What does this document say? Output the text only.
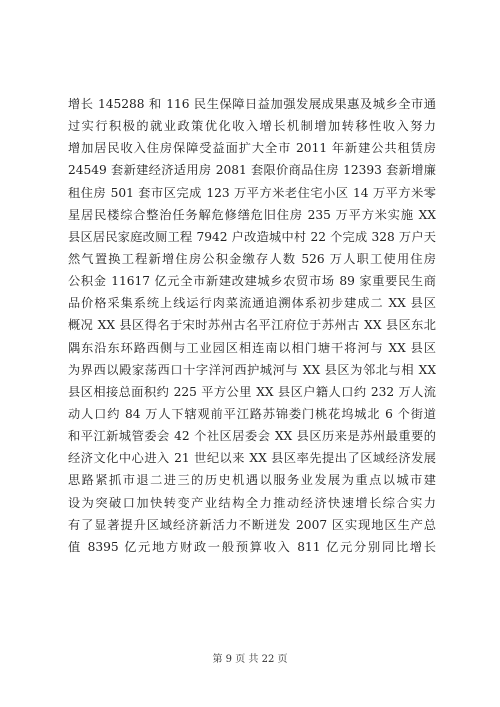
增长 145288 和 116 民生保障日益加强发展成果惠及城乡全市通
过实行积极的就业政策优化收入增长机制增加转移性收入努力
增加居民收入住房保障受益面扩大全市 2011 年新建公共租赁房
24549 套新建经济适用房 2081 套限价商品住房 12393 套新增廉
租住房 501 套市区完成 123 万平方米老住宅小区 14 万平方米零
星居民楼综合整治任务解危修缮危旧住房 235 万平方米实施 XX
县区居民家庭改厕工程 7942 户改造城中村 22 个完成 328 万户天
然气置换工程新增住房公积金缴存人数 526 万人职工使用住房
公积金 11617 亿元全市新建改建城乡农贸市场 89 家重要民生商
品价格采集系统上线运行肉菜流通追溯体系初步建成二 XX 县区
概况 XX 县区得名于宋时苏州古名平江府位于苏州古 XX 县区东北
隅东沿东环路西侧与工业园区相连南以相门塘干将河与 XX 县区
为界西以殿家荡西口十字洋河西护城河与 XX 县区为邻北与相 XX
县区相接总面积约 225 平方公里 XX 县区户籍人口约 232 万人流
动人口约 84 万人下辖观前平江路苏锦娄门桃花坞城北 6 个街道
和平江新城管委会 42 个社区居委会 XX 县区历来是苏州最重要的
经济文化中心进入 21 世纪以来 XX 县区率先提出了区域经济发展
思路紧抓市退二进三的历史机遇以服务业发展为重点以城市建
设为突破口加快转变产业结构全力推动经济快速增长综合实力
有了显著提升区域经济新活力不断迸发 2007 区实现地区生产总
值 8395 亿元地方财政一般预算收入 811 亿元分别同比增长
第 9 页 共 22 页
